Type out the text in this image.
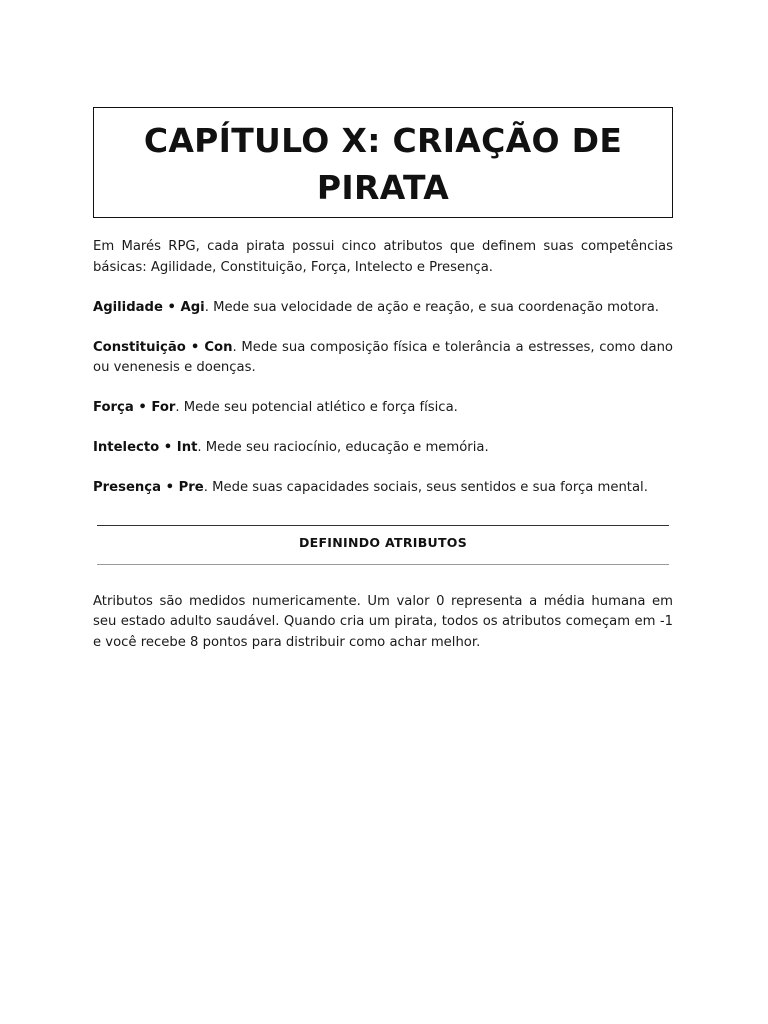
CAPÍTULO X: CRIAÇÃO DE PIRATA

Em Marés RPG, cada pirata possui cinco atributos que definem suas competências básicas: Agilidade, Constituição, Força, Intelecto e Presença.

Agilidade • Agi. Mede sua velocidade de ação e reação, e sua coordenação motora.

Constituição • Con. Mede sua composição física e tolerância a estresses, como dano ou venenesis e doenças.

Força • For. Mede seu potencial atlético e força física.

Intelecto • Int. Mede seu raciocínio, educação e memória.

Presença • Pre. Mede suas capacidades sociais, seus sentidos e sua força mental.

DEFININDO ATRIBUTOS

Atributos são medidos numericamente. Um valor 0 representa a média humana em seu estado adulto saudável. Quando cria um pirata, todos os atributos começam em -1 e você recebe 8 pontos para distribuir como achar melhor.
